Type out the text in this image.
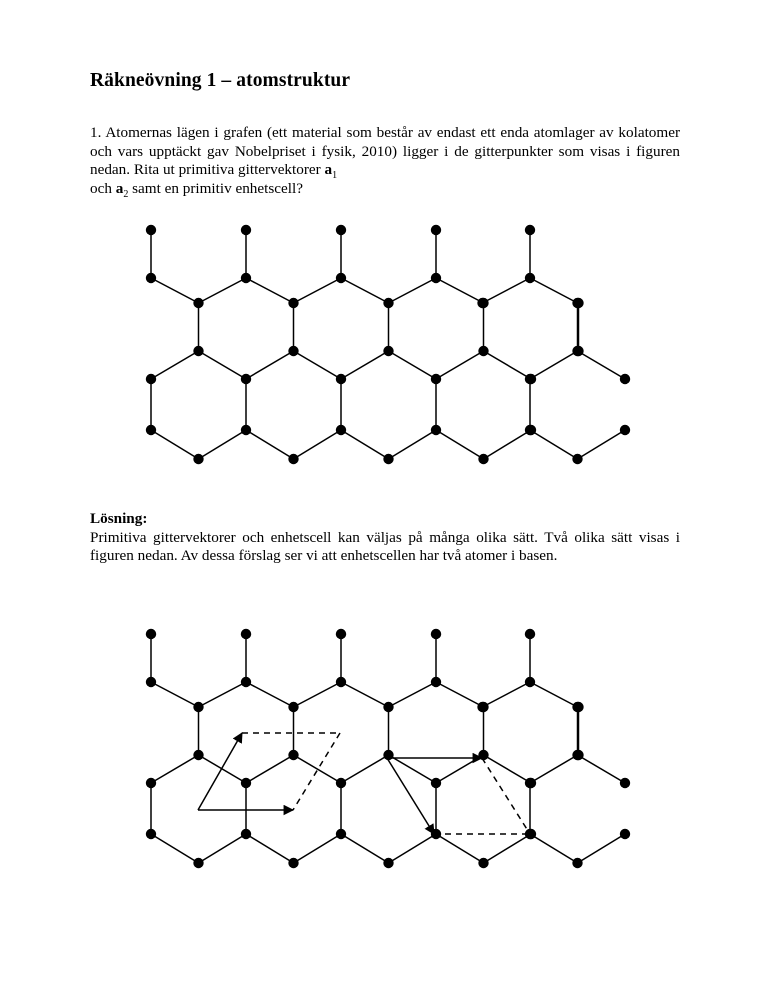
Räkneövning 1 – atomstruktur

1. Atomernas lägen i grafen (ett material som består av endast ett enda atomlager av kolatomer och vars upptäckt gav Nobelpriset i fysik, 2010) ligger i de gitterpunkter som visas i figuren nedan. Rita ut primitiva gittervektorer $a_1$
och $a_2$ samt en primitiv enhetscell?

Lösning:
Primitiva gittervektorer och enhetscell kan väljas på många olika sätt. Två olika sätt visas i figuren nedan. Av dessa förslag ser vi att enhetscellen har två atomer i basen.
